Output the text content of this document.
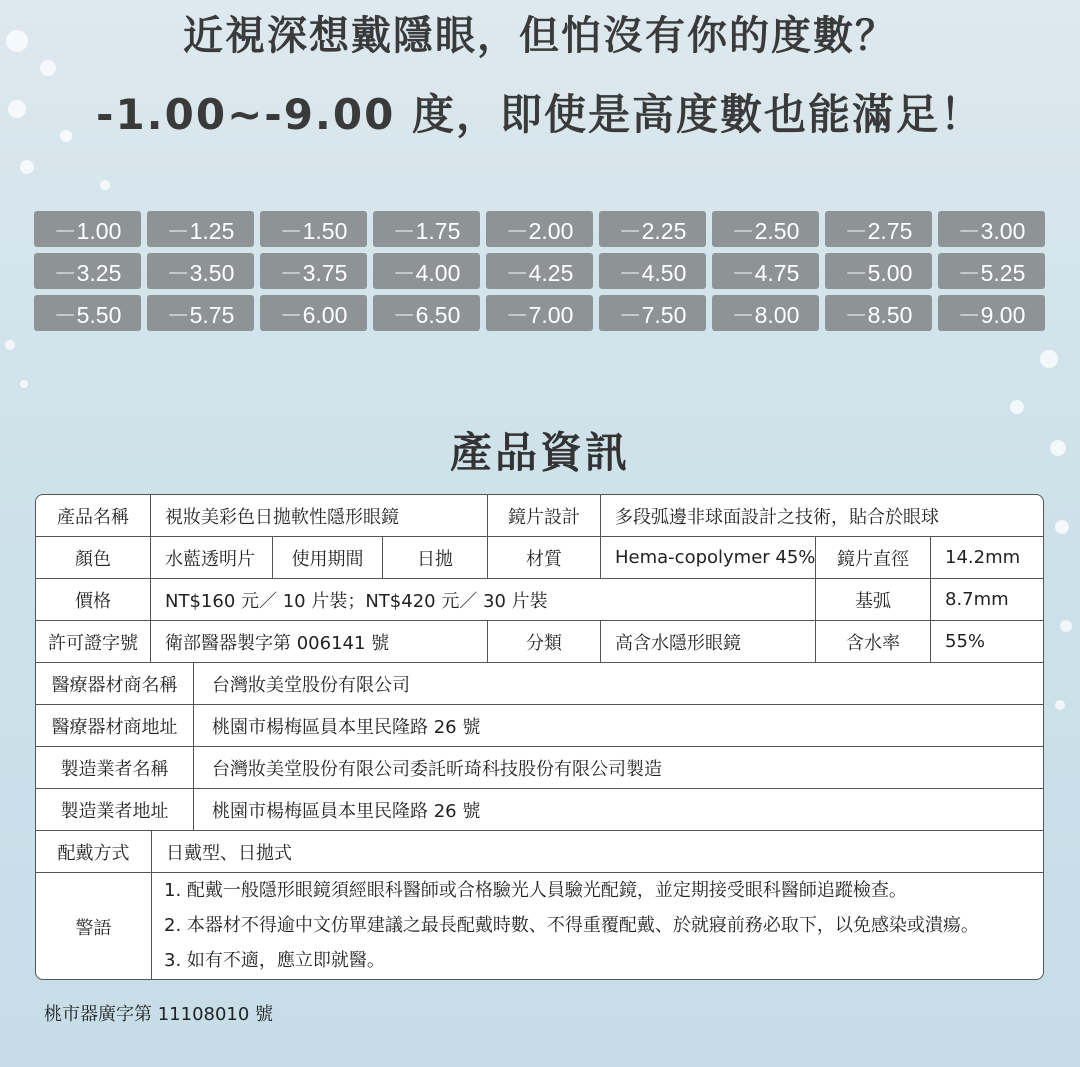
近視深想戴隱眼，但怕沒有你的度數？
-1.00~-9.00 度，即使是高度數也能滿足！
－1.00	－1.25	－1.50	－1.75	－2.00	－2.25	－2.50	－2.75	－3.00
－3.25	－3.50	－3.75	－4.00	－4.25	－4.50	－4.75	－5.00	－5.25
－5.50	－5.75	－6.00	－6.50	－7.00	－7.50	－8.00	－8.50	－9.00
產品資訊
產品名稱	視妝美彩色日拋軟性隱形眼鏡	鏡片設計	多段弧邊非球面設計之技術，貼合於眼球
顏色	水藍透明片	使用期間	日拋	材質	Hema-copolymer 45%	鏡片直徑	14.2mm
價格	NT$160 元／ 10 片裝；NT$420 元／ 30 片裝	基弧	8.7mm
許可證字號	衛部醫器製字第 006141 號	分類	高含水隱形眼鏡	含水率	55%
醫療器材商名稱	台灣妝美堂股份有限公司
醫療器材商地址	桃園市楊梅區員本里民隆路 26 號
製造業者名稱	台灣妝美堂股份有限公司委託昕琦科技股份有限公司製造
製造業者地址	桃園市楊梅區員本里民隆路 26 號
配戴方式	日戴型、日拋式
警語
1. 配戴一般隱形眼鏡須經眼科醫師或合格驗光人員驗光配鏡，並定期接受眼科醫師追蹤檢查。
2. 本器材不得逾中文仿單建議之最長配戴時數、不得重覆配戴、於就寢前務必取下，以免感染或潰瘍。
3. 如有不適，應立即就醫。
桃市器廣字第 11108010 號
